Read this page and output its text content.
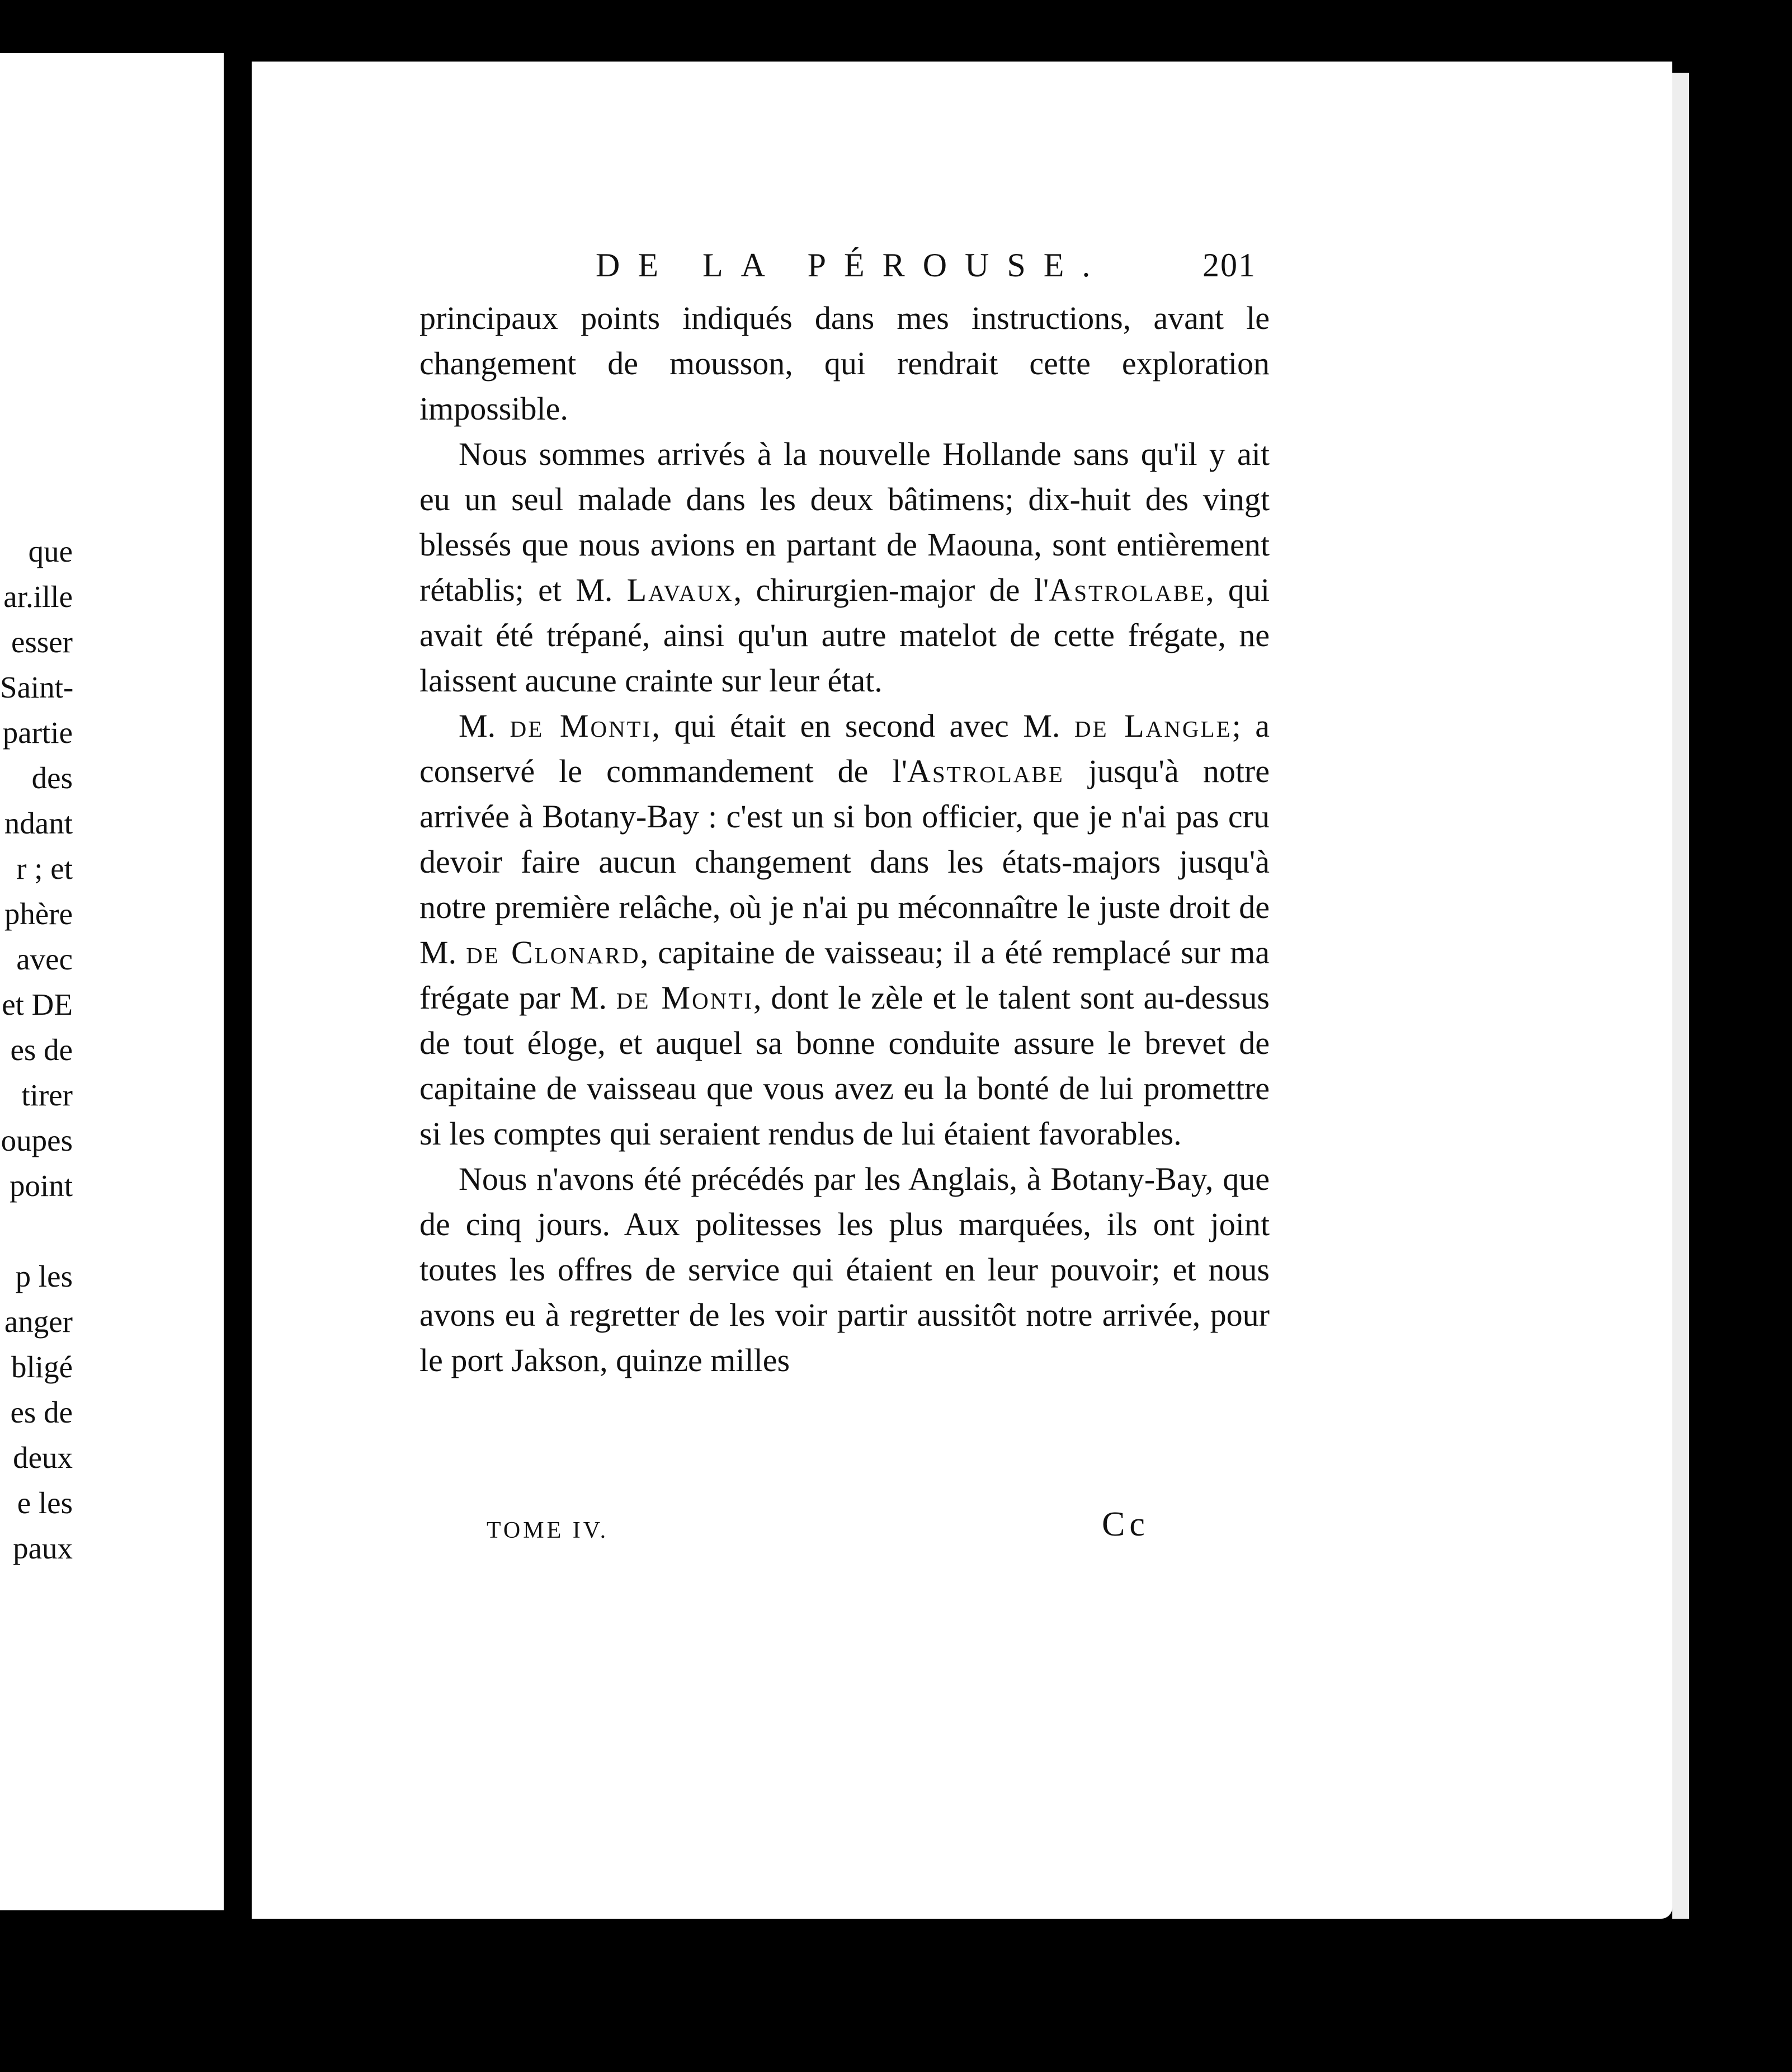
que
ar.ille
esser
Saint-
partie
des
ndant
r ; et
phère
avec
et DE
es de
tirer
oupes
point
p les
anger
bligé
es de
deux
e les
paux
DE LA PÉROUSE.	201

principaux points indiqués dans mes instructions, avant le changement de mousson, qui rendrait cette exploration impossible.

Nous sommes arrivés à la nouvelle Hollande sans qu'il y ait eu un seul malade dans les deux bâtimens; dix-huit des vingt blessés que nous avions en partant de Maouna, sont entièrement rétablis; et M. Lavaux, chirurgien-major de l'Astrolabe, qui avait été trépané, ainsi qu'un autre matelot de cette frégate, ne laissent aucune crainte sur leur état.

M. de Monti, qui était en second avec M. de Langle; a conservé le commandement de l'Astrolabe jusqu'à notre arrivée à Botany-Bay : c'est un si bon officier, que je n'ai pas cru devoir faire aucun changement dans les états-majors jusqu'à notre première relâche, où je n'ai pu méconnaître le juste droit de M. de Clonard, capitaine de vaisseau; il a été remplacé sur ma frégate par M. de Monti, dont le zèle et le talent sont au-dessus de tout éloge, et auquel sa bonne conduite assure le brevet de capitaine de vaisseau que vous avez eu la bonté de lui promettre si les comptes qui seraient rendus de lui étaient favorables.

Nous n'avons été précédés par les Anglais, à Botany-Bay, que de cinq jours. Aux politesses les plus marquées, ils ont joint toutes les offres de service qui étaient en leur pouvoir; et nous avons eu à regretter de les voir partir aussitôt notre arrivée, pour le port Jakson, quinze milles

TOME IV.	Cc
